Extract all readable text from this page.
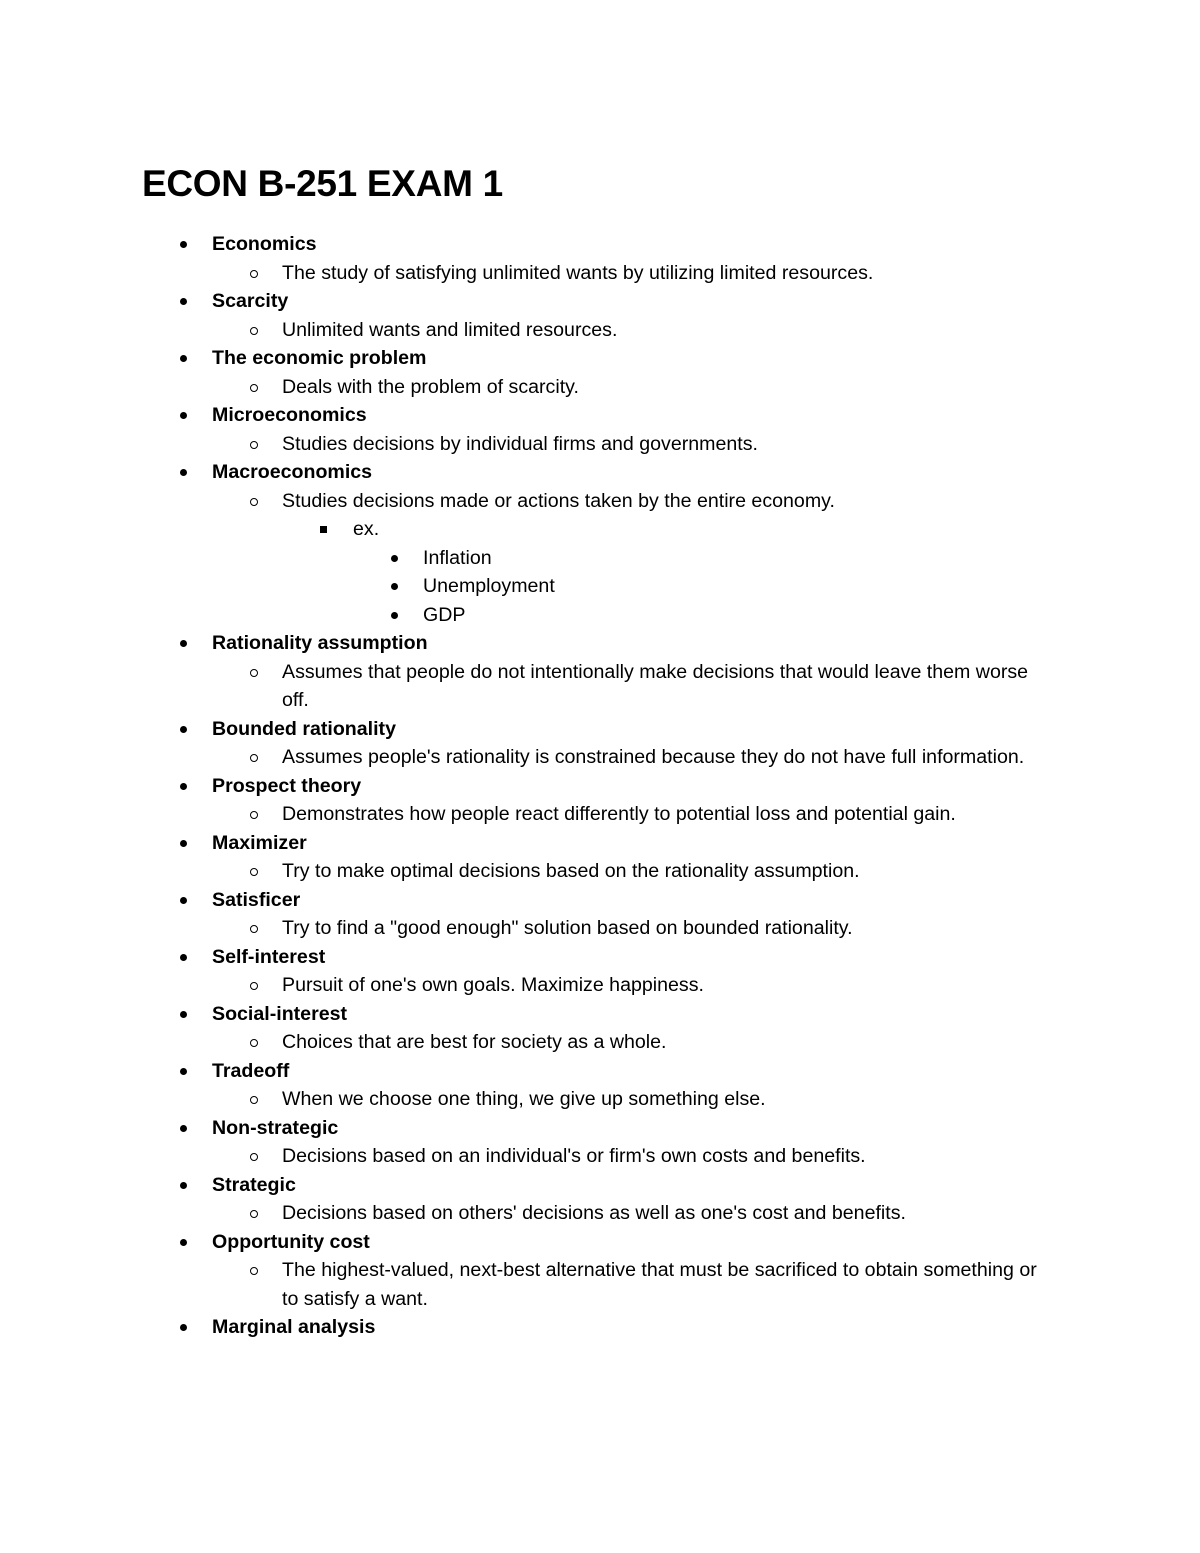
ECON B-251 EXAM 1
Economics
The study of satisfying unlimited wants by utilizing limited resources.
Scarcity
Unlimited wants and limited resources.
The economic problem
Deals with the problem of scarcity.
Microeconomics
Studies decisions by individual firms and governments.
Macroeconomics
Studies decisions made or actions taken by the entire economy.
ex.
Inflation
Unemployment
GDP
Rationality assumption
Assumes that people do not intentionally make decisions that would leave them worse off.
Bounded rationality
Assumes people's rationality is constrained because they do not have full information.
Prospect theory
Demonstrates how people react differently to potential loss and potential gain.
Maximizer
Try to make optimal decisions based on the rationality assumption.
Satisficer
Try to find a "good enough" solution based on bounded rationality.
Self-interest
Pursuit of one's own goals. Maximize happiness.
Social-interest
Choices that are best for society as a whole.
Tradeoff
When we choose one thing, we give up something else.
Non-strategic
Decisions based on an individual's or firm's own costs and benefits.
Strategic
Decisions based on others' decisions as well as one's cost and benefits.
Opportunity cost
The highest-valued, next-best alternative that must be sacrificed to obtain something or to satisfy a want.
Marginal analysis
